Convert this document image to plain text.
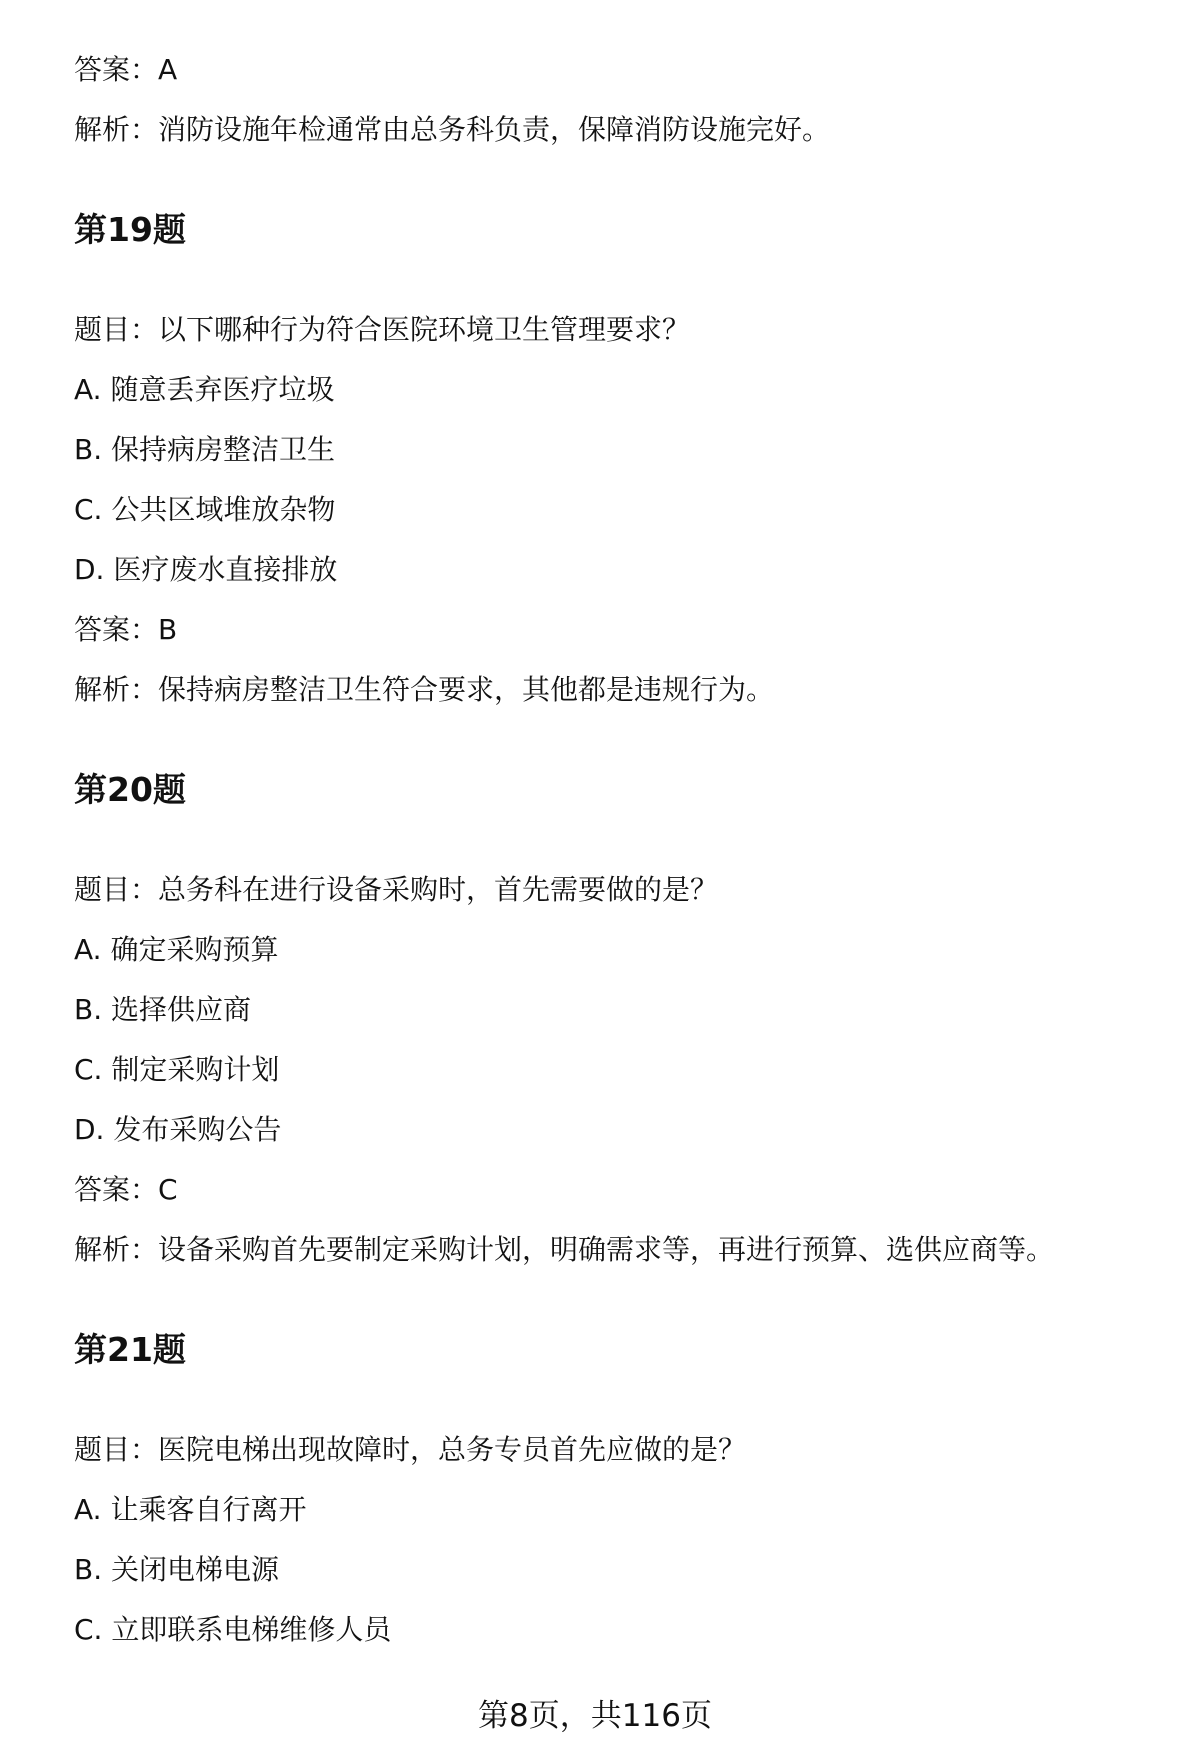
答案：A
解析：消防设施年检通常由总务科负责，保障消防设施完好。
第19题
题目：以下哪种行为符合医院环境卫生管理要求？
A. 随意丢弃医疗垃圾
B. 保持病房整洁卫生
C. 公共区域堆放杂物
D. 医疗废水直接排放
答案：B
解析：保持病房整洁卫生符合要求，其他都是违规行为。
第20题
题目：总务科在进行设备采购时，首先需要做的是？
A. 确定采购预算
B. 选择供应商
C. 制定采购计划
D. 发布采购公告
答案：C
解析：设备采购首先要制定采购计划，明确需求等，再进行预算、选供应商等。
第21题
题目：医院电梯出现故障时，总务专员首先应做的是？
A. 让乘客自行离开
B. 关闭电梯电源
C. 立即联系电梯维修人员
第8页，共116页
